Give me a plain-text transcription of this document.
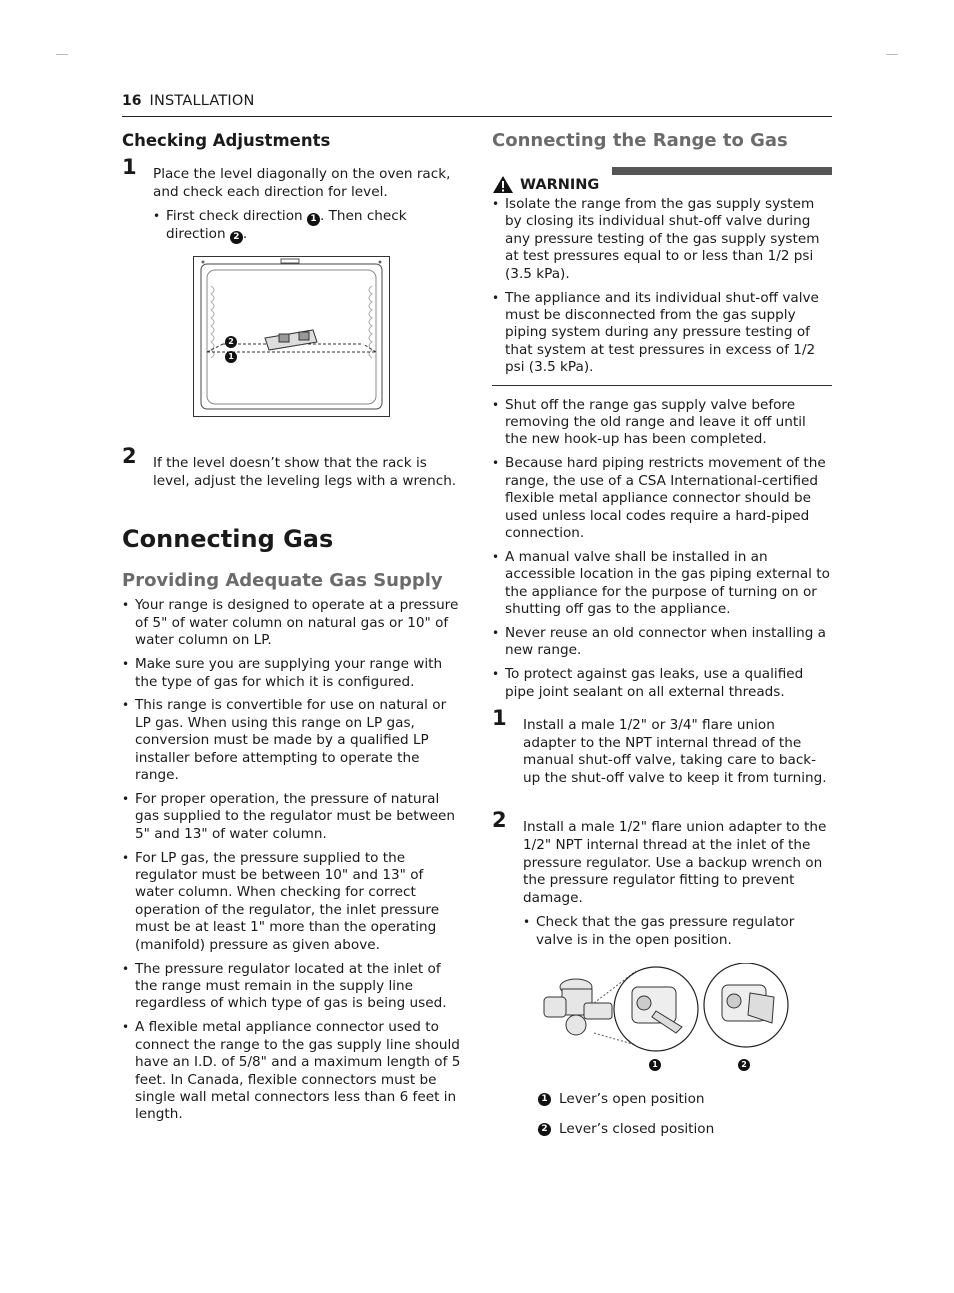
16 INSTALLATION
Checking Adjustments
1 Place the level diagonally on the oven rack, and check each direction for level.
• First check direction 1 . Then check direction 2 .
2
1
2 If the level doesn’t show that the rack is level, adjust the leveling legs with a wrench.
Connecting Gas
Providing Adequate Gas Supply
• Your range is designed to operate at a pressure of 5" of water column on natural gas or 10" of water column on LP.
• Make sure you are supplying your range with the type of gas for which it is configured.
• This range is convertible for use on natural or LP gas. When using this range on LP gas, conversion must be made by a qualified LP installer before attempting to operate the range.
• For proper operation, the pressure of natural gas supplied to the regulator must be between 5" and 13" of water column.
• For LP gas, the pressure supplied to the regulator must be between 10" and 13" of water column. When checking for correct operation of the regulator, the inlet pressure must be at least 1" more than the operating (manifold) pressure as given above.
• The pressure regulator located at the inlet of the range must remain in the supply line regardless of which type of gas is being used.
• A flexible metal appliance connector used to connect the range to the gas supply line should have an I.D. of 5/8" and a maximum length of 5 feet. In Canada, flexible connectors must be single wall metal connectors less than 6 feet in length.
Connecting the Range to Gas
WARNING
• Isolate the range from the gas supply system by closing its individual shut-off valve during any pressure testing of the gas supply system at test pressures equal to or less than 1/2 psi (3.5 kPa).
• The appliance and its individual shut-off valve must be disconnected from the gas supply piping system during any pressure testing of that system at test pressures in excess of 1/2 psi (3.5 kPa).
• Shut off the range gas supply valve before removing the old range and leave it off until the new hook-up has been completed.
• Because hard piping restricts movement of the range, the use of a CSA International-certified flexible metal appliance connector should be used unless local codes require a hard-piped connection.
• A manual valve shall be installed in an accessible location in the gas piping external to the appliance for the purpose of turning on or shutting off gas to the appliance.
• Never reuse an old connector when installing a new range.
• To protect against gas leaks, use a qualified pipe joint sealant on all external threads.
1 Install a male 1/2" or 3/4" flare union adapter to the NPT internal thread of the manual shut-off valve, taking care to back-up the shut-off valve to keep it from turning.
2 Install a male 1/2" flare union adapter to the 1/2" NPT internal thread at the inlet of the pressure regulator. Use a backup wrench on the pressure regulator fitting to prevent damage.
• Check that the gas pressure regulator valve is in the open position.
1	2
1 Lever’s open position
2 Lever’s closed position
